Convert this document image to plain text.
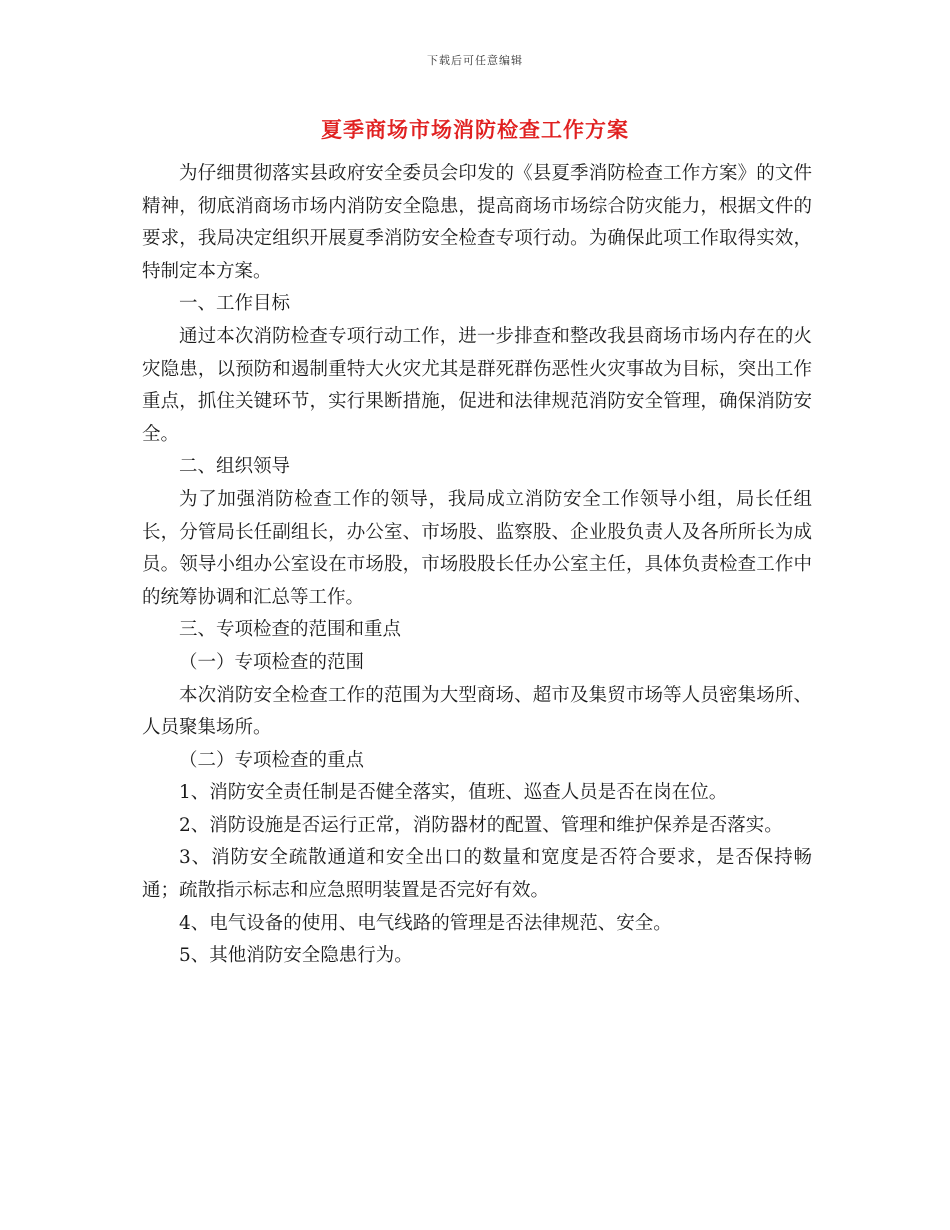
下载后可任意编辑
夏季商场市场消防检查工作方案

为仔细贯彻落实县政府安全委员会印发的《县夏季消防检查工作方案》的文件精神，彻底消商场市场内消防安全隐患，提高商场市场综合防灾能力，根据文件的要求，我局决定组织开展夏季消防安全检查专项行动。为确保此项工作取得实效，特制定本方案。

一、工作目标

通过本次消防检查专项行动工作，进一步排查和整改我县商场市场内存在的火灾隐患，以预防和遏制重特大火灾尤其是群死群伤恶性火灾事故为目标，突出工作重点，抓住关键环节，实行果断措施，促进和法律规范消防安全管理，确保消防安全。

二、组织领导

为了加强消防检查工作的领导，我局成立消防安全工作领导小组，局长任组长，分管局长任副组长，办公室、市场股、监察股、企业股负责人及各所所长为成员。领导小组办公室设在市场股，市场股股长任办公室主任，具体负责检查工作中的统筹协调和汇总等工作。

三、专项检查的范围和重点

（一）专项检查的范围

本次消防安全检查工作的范围为大型商场、超市及集贸市场等人员密集场所、人员聚集场所。

（二）专项检查的重点

1、消防安全责任制是否健全落实，值班、巡查人员是否在岗在位。

2、消防设施是否运行正常，消防器材的配置、管理和维护保养是否落实。

3、消防安全疏散通道和安全出口的数量和宽度是否符合要求，是否保持畅通；疏散指示标志和应急照明装置是否完好有效。

4、电气设备的使用、电气线路的管理是否法律规范、安全。

5、其他消防安全隐患行为。
